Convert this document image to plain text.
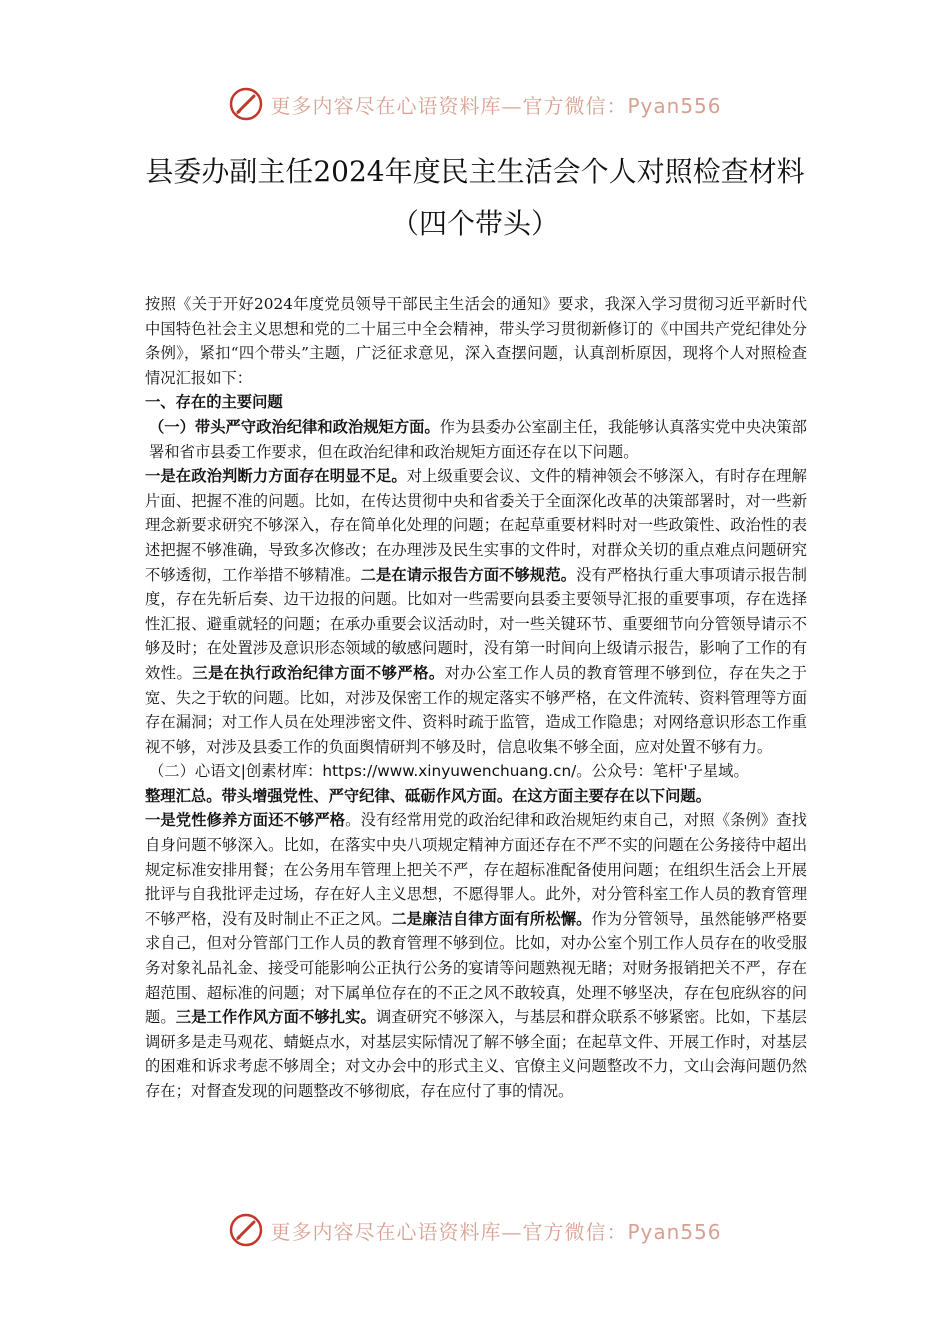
更多内容尽在心语资料库—官方微信：Pyan556
县委办副主任2024年度民主生活会个人对照检查材料（四个带头）

按照《关于开好2024年度党员领导干部民主生活会的通知》要求，我深入学习贯彻习近平新时代中国特色社会主义思想和党的二十届三中全会精神，带头学习贯彻新修订的《中国共产党纪律处分条例》，紧扣“四个带头”主题，广泛征求意见，深入查摆问题，认真剖析原因，现将个人对照检查情况汇报如下：

一、存在的主要问题

（一）带头严守政治纪律和政治规矩方面。作为县委办公室副主任，我能够认真落实党中央决策部署和省市县委工作要求，但在政治纪律和政治规矩方面还存在以下问题。

一是在政治判断力方面存在明显不足。对上级重要会议、文件的精神领会不够深入，有时存在理解片面、把握不准的问题。比如，在传达贯彻中央和省委关于全面深化改革的决策部署时，对一些新理念新要求研究不够深入，存在简单化处理的问题；在起草重要材料时对一些政策性、政治性的表述把握不够准确，导致多次修改；在办理涉及民生实事的文件时，对群众关切的重点难点问题研究不够透彻，工作举措不够精准。二是在请示报告方面不够规范。没有严格执行重大事项请示报告制度，存在先斩后奏、边干边报的问题。比如对一些需要向县委主要领导汇报的重要事项，存在选择性汇报、避重就轻的问题；在承办重要会议活动时，对一些关键环节、重要细节向分管领导请示不够及时；在处置涉及意识形态领域的敏感问题时，没有第一时间向上级请示报告，影响了工作的有效性。三是在执行政治纪律方面不够严格。对办公室工作人员的教育管理不够到位，存在失之于宽、失之于软的问题。比如，对涉及保密工作的规定落实不够严格，在文件流转、资料管理等方面存在漏洞；对工作人员在处理涉密文件、资料时疏于监管，造成工作隐患；对网络意识形态工作重视不够，对涉及县委工作的负面舆情研判不够及时，信息收集不够全面，应对处置不够有力。

（二）心语文|创素材库：https://www.xinyuwenchuang.cn/。公众号：笔杆'子星域。

整理汇总。带头增强党性、严守纪律、砥砺作风方面。在这方面主要存在以下问题。

一是党性修养方面还不够严格。没有经常用党的政治纪律和政治规矩约束自己，对照《条例》查找自身问题不够深入。比如，在落实中央八项规定精神方面还存在不严不实的问题在公务接待中超出规定标准安排用餐；在公务用车管理上把关不严，存在超标准配备使用问题；在组织生活会上开展批评与自我批评走过场，存在好人主义思想，不愿得罪人。此外，对分管科室工作人员的教育管理不够严格，没有及时制止不正之风。二是廉洁自律方面有所松懈。作为分管领导，虽然能够严格要求自己，但对分管部门工作人员的教育管理不够到位。比如，对办公室个别工作人员存在的收受服务对象礼品礼金、接受可能影响公正执行公务的宴请等问题熟视无睹；对财务报销把关不严，存在超范围、超标准的问题；对下属单位存在的不正之风不敢较真，处理不够坚决，存在包庇纵容的问题。三是工作作风方面不够扎实。调查研究不够深入，与基层和群众联系不够紧密。比如，下基层调研多是走马观花、蜻蜓点水，对基层实际情况了解不够全面；在起草文件、开展工作时，对基层的困难和诉求考虑不够周全；对文办会中的形式主义、官僚主义问题整改不力，文山会海问题仍然存在；对督查发现的问题整改不够彻底，存在应付了事的情况。

更多内容尽在心语资料库—官方微信：Pyan556
